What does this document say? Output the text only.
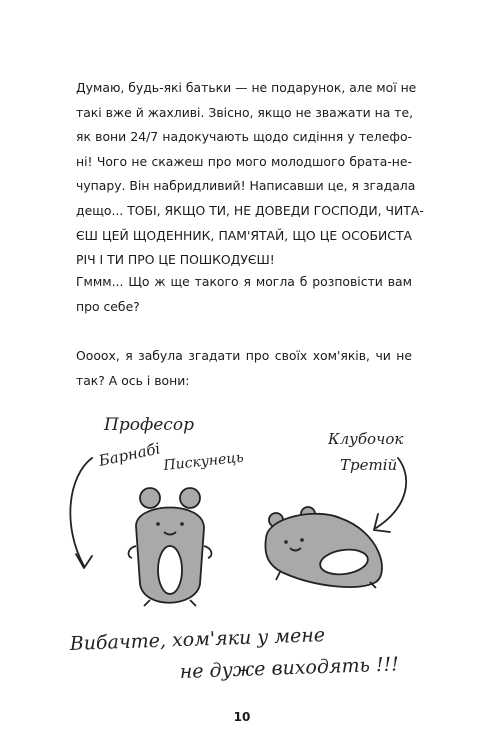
Думаю, будь-які батьки — не подарунок, але мої не
такі вже й жахливі. Звісно, якщо не зважати на те,
як вони 24/7 надокучають щодо сидіння у телефо-
ні! Чого не скажеш про мого молодшого брата-не-
чупару. Він набридливий! Написавши це, я згадала
дещо... ТОБІ, ЯКЩО ТИ, НЕ ДОВЕДИ ГОСПОДИ, ЧИТА-
ЄШ ЦЕЙ ЩОДЕННИК, ПАМ'ЯТАЙ, ЩО ЦЕ ОСОБИСТА
РІЧ І ТИ ПРО ЦЕ ПОШКОДУЄШ!
Гммм... Що ж ще такого я могла б розповісти вам
про себе?
Оооох, я забула згадати про своїх хом'яків, чи не
так? А ось і вони:
Професор
Барнабі Пискунець
Клубочок
Третій
Вибачте, хом'яки у мене
не дуже виходять !!!
10
